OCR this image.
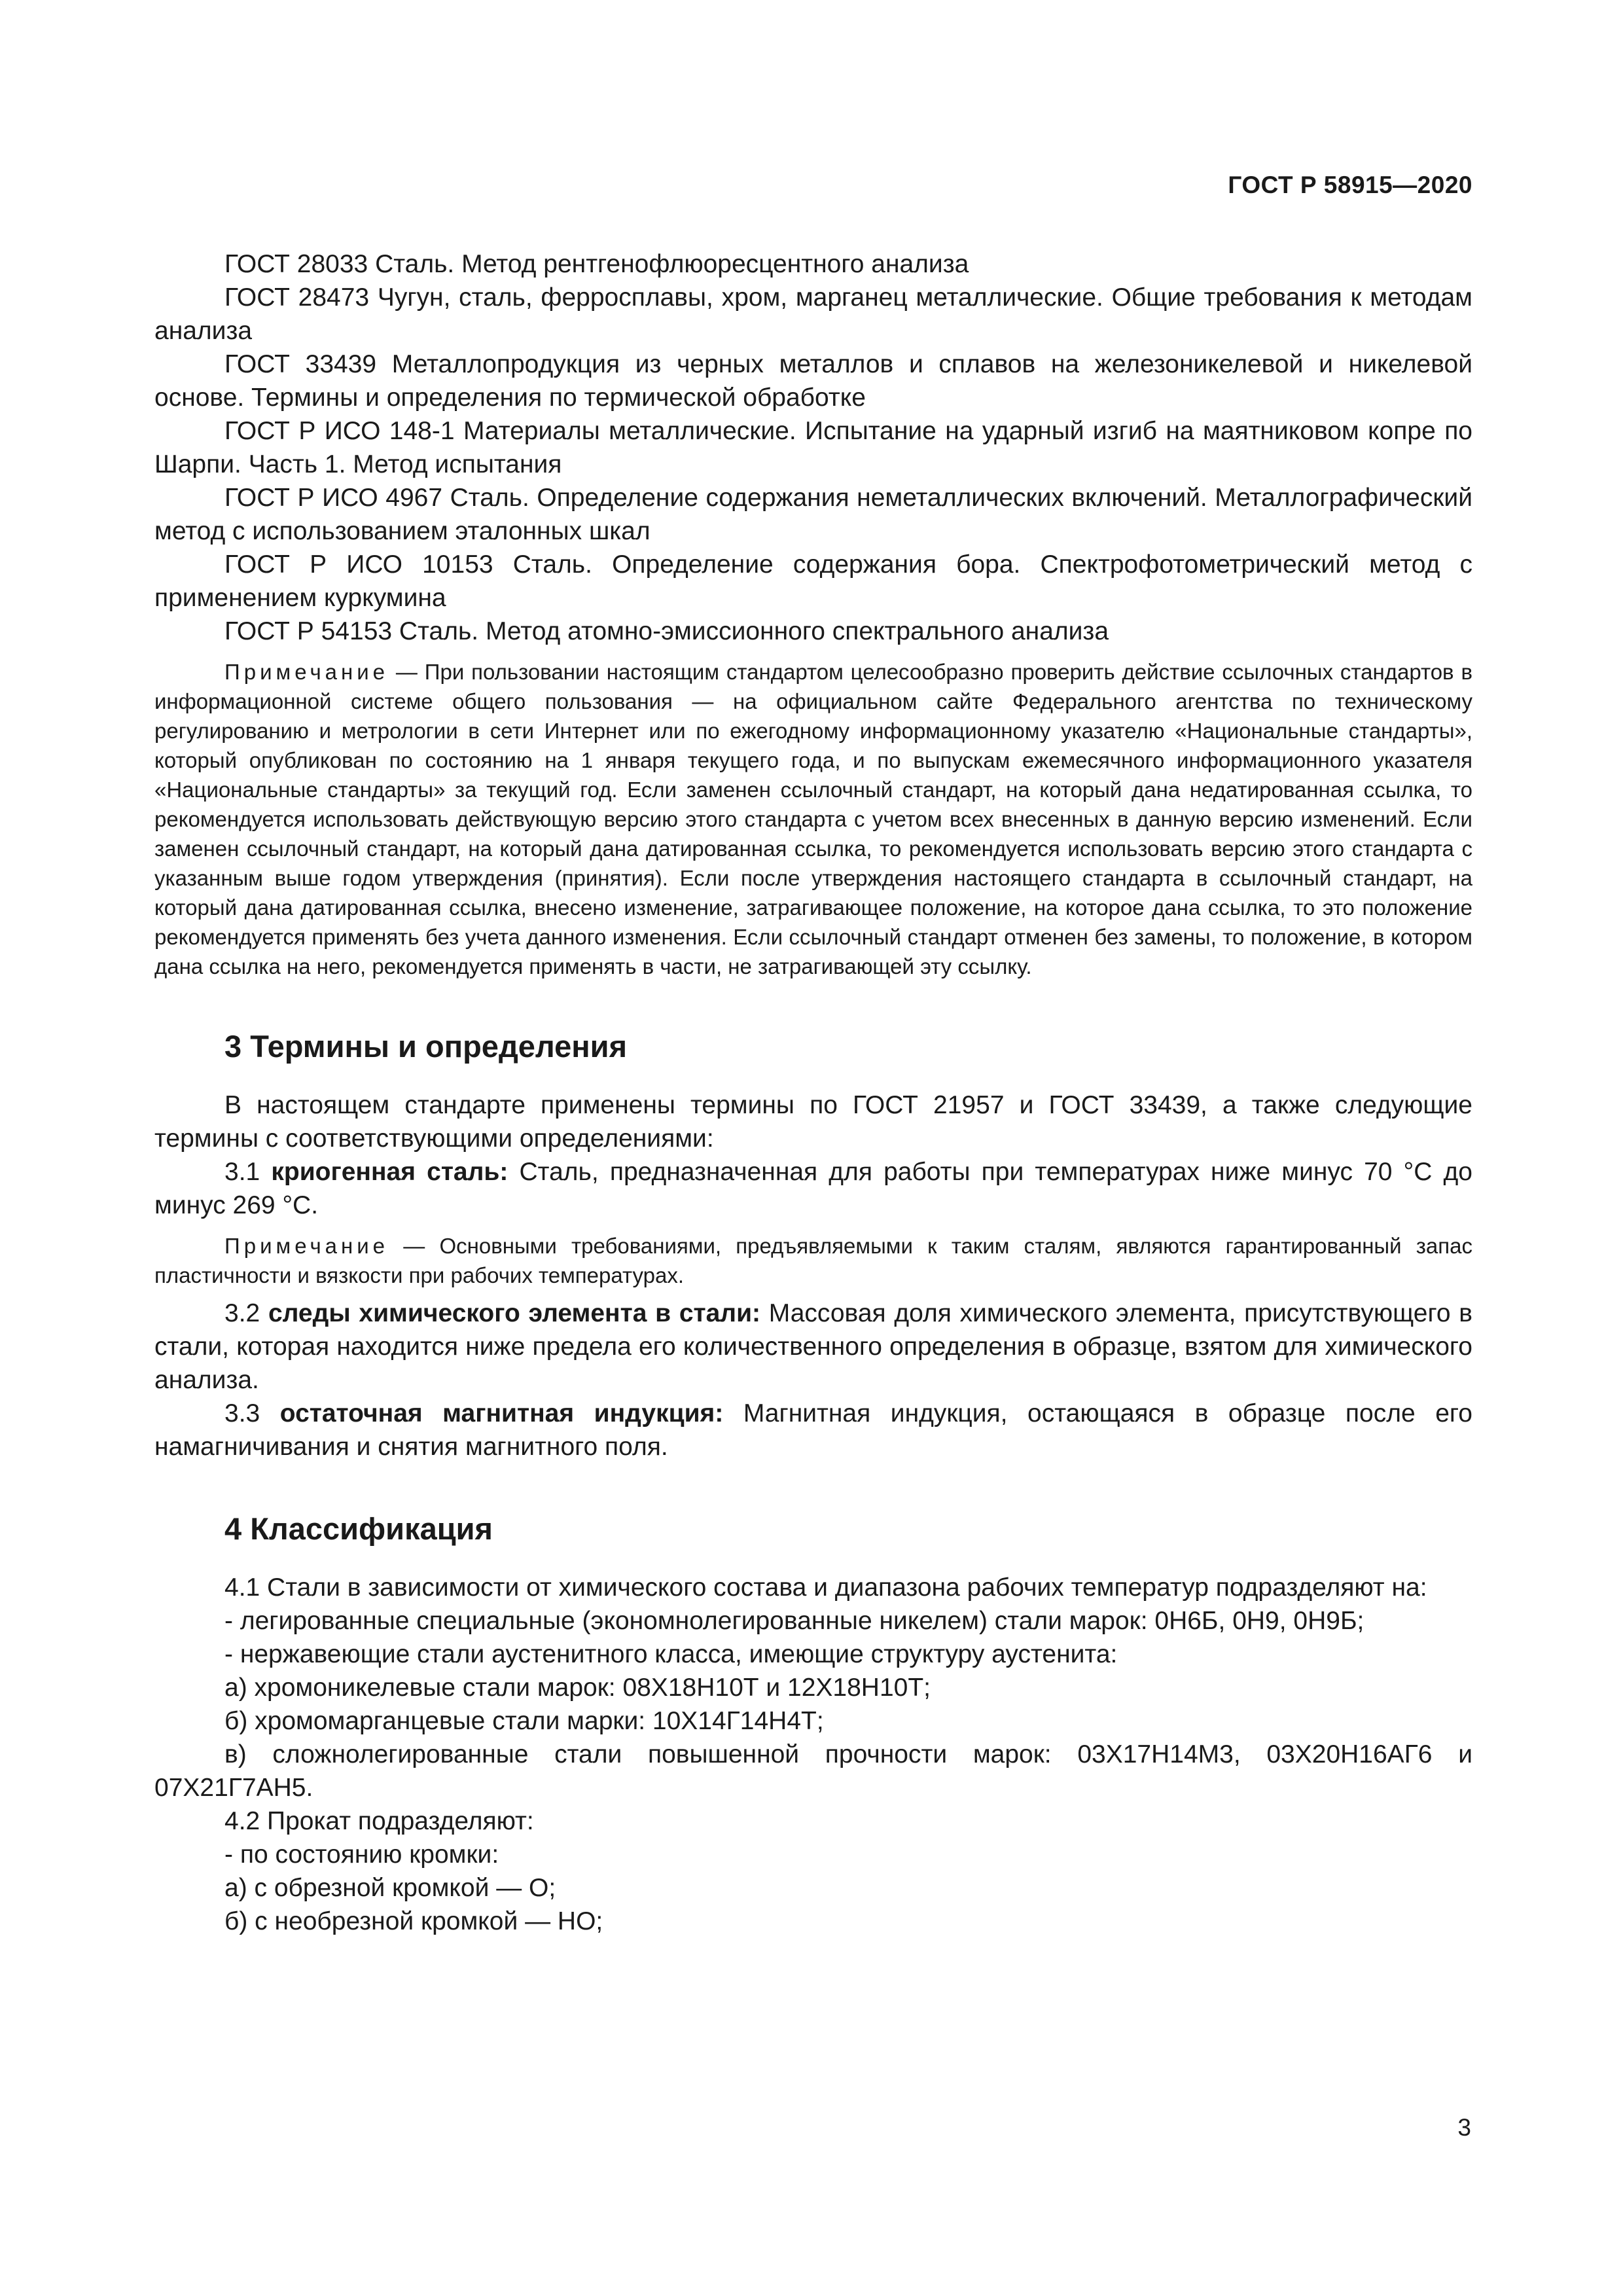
ГОСТ Р 58915—2020

ГОСТ 28033 Сталь. Метод рентгенофлюоресцентного анализа

ГОСТ 28473 Чугун, сталь, ферросплавы, хром, марганец металлические. Общие требования к методам анализа

ГОСТ 33439 Металлопродукция из черных металлов и сплавов на железоникелевой и никелевой основе. Термины и определения по термической обработке

ГОСТ Р ИСО 148-1 Материалы металлические. Испытание на ударный изгиб на маятниковом копре по Шарпи. Часть 1. Метод испытания

ГОСТ Р ИСО 4967 Сталь. Определение содержания неметаллических включений. Металлографический метод с использованием эталонных шкал

ГОСТ Р ИСО 10153 Сталь. Определение содержания бора. Спектрофотометрический метод с применением куркумина

ГОСТ Р 54153 Сталь. Метод атомно-эмиссионного спектрального анализа

Примечание — При пользовании настоящим стандартом целесообразно проверить действие ссылочных стандартов в информационной системе общего пользования — на официальном сайте Федерального агентства по техническому регулированию и метрологии в сети Интернет или по ежегодному информационному указателю «Национальные стандарты», который опубликован по состоянию на 1 января текущего года, и по выпускам ежемесячного информационного указателя «Национальные стандарты» за текущий год. Если заменен ссылочный стандарт, на который дана недатированная ссылка, то рекомендуется использовать действующую версию этого стандарта с учетом всех внесенных в данную версию изменений. Если заменен ссылочный стандарт, на который дана датированная ссылка, то рекомендуется использовать версию этого стандарта с указанным выше годом утверждения (принятия). Если после утверждения настоящего стандарта в ссылочный стандарт, на который дана датированная ссылка, внесено изменение, затрагивающее положение, на которое дана ссылка, то это положение рекомендуется применять без учета данного изменения. Если ссылочный стандарт отменен без замены, то положение, в котором дана ссылка на него, рекомендуется применять в части, не затрагивающей эту ссылку.

3 Термины и определения

В настоящем стандарте применены термины по ГОСТ 21957 и ГОСТ 33439, а также следующие термины с соответствующими определениями:

3.1 криогенная сталь: Сталь, предназначенная для работы при температурах ниже минус 70 °С до минус 269 °С.

Примечание — Основными требованиями, предъявляемыми к таким сталям, являются гарантированный запас пластичности и вязкости при рабочих температурах.

3.2 следы химического элемента в стали: Массовая доля химического элемента, присутствующего в стали, которая находится ниже предела его количественного определения в образце, взятом для химического анализа.

3.3 остаточная магнитная индукция: Магнитная индукция, остающаяся в образце после его намагничивания и снятия магнитного поля.

4 Классификация

4.1 Стали в зависимости от химического состава и диапазона рабочих температур подразделяют на:

- легированные специальные (экономнолегированные никелем) стали марок: 0Н6Б, 0Н9, 0Н9Б;

- нержавеющие стали аустенитного класса, имеющие структуру аустенита:

а) хромоникелевые стали марок: 08Х18Н10Т и 12Х18Н10Т;

б) хромомарганцевые стали марки: 10Х14Г14Н4Т;

в) сложнолегированные стали повышенной прочности марок: 03Х17Н14М3, 03Х20Н16АГ6 и 07Х21Г7АН5.

4.2 Прокат подразделяют:

- по состоянию кромки:

а) с обрезной кромкой — О;

б) с необрезной кромкой — НО;

3
